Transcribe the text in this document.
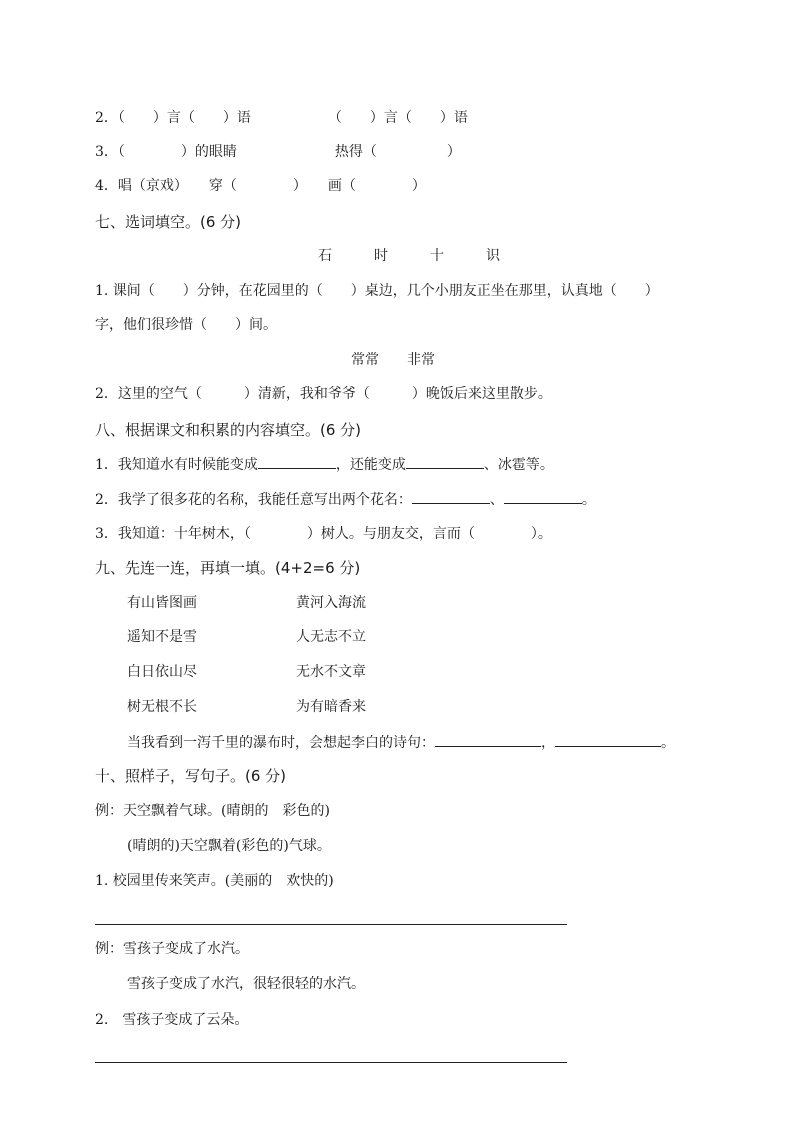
2．（　　）言（　　）语　　　　　　（　　）言（　　）语
3．（　　　　）的眼睛　　　　　　　热得（　　　　　）
4．唱（京戏）　　穿（　　　　）　　画（　　　　）
七、选词填空。(6 分)
石　　　时　　　十　　　识
1. 课间（　　）分钟，在花园里的（　　）桌边，几个小朋友正坐在那里，认真地（　　）
字，他们很珍惜（　　）间。
常常　　非常
2．这里的空气（　　　）清新，我和爷爷（　　　）晚饭后来这里散步。
八、根据课文和积累的内容填空。(6 分)
1．我知道水有时候能变成	，还能变成	、冰雹等。
2．我学了很多花的名称，我能任意写出两个花名：	、	。
3．我知道：十年树木，（　　　　）树人。与朋友交，言而（　　　　）。
九、先连一连，再填一填。(4+2=6 分)
有山皆图画	黄河入海流
遥知不是雪	人无志不立
白日依山尽	无水不文章
树无根不长	为有暗香来
当我看到一泻千里的瀑布时，会想起李白的诗句：	，	。
十、照样子，写句子。(6 分)
例：天空飘着气球。(晴朗的　彩色的)
(晴朗的)天空飘着(彩色的)气球。
1. 校园里传来笑声。(美丽的　欢快的)
例：雪孩子变成了水汽。
雪孩子变成了水汽，很轻很轻的水汽。
2.　雪孩子变成了云朵。
